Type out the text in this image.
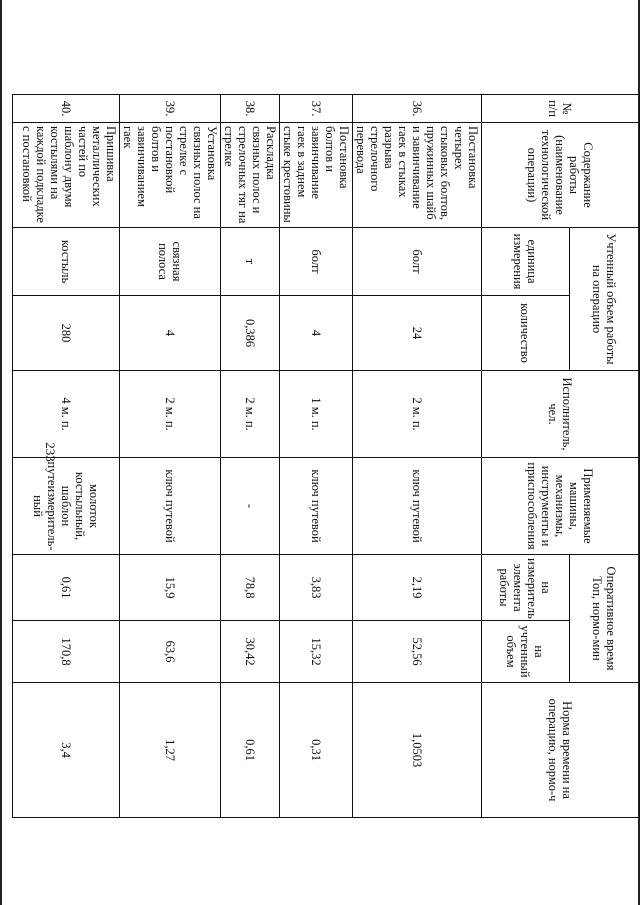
233
№ п/п	Содержание работы (наименование технологической операции)	Учтенный объем работы на операцию		Исполнитель, чел.	Применяемые машины, механизмы, инструменты и приспособления	Оперативное время Топ, нормо-мин		Норма времени на операцию, нормо-ч
		единица измерения	количество			на измеритель элемента работы	на учтенный объем	
36.	Постановка четырех стыковых болтов, пружинных шайб и завинчивание гаек в стыках разрыва стрелочного перевода	болт	24	2 м. п.	ключ путевой	2,19	52,56	1,0503
37.	Постановка болтов и завинчивание гаек в заднем стыке крестовины	болт	4	1 м. п.	ключ путевой	3,83	15,32	0,31
38.	Раскладка связных полос и стрелочных тяг на стрелке	т	0,386	2 м. п.	-	78,8	30,42	0,61
39.	Установка связных полос на стрелке с постановкой болтов и завинчиванием гаек	связная полоса	4	2 м. п.	ключ путевой	15,9	63,6	1,27
40.	Пришивка металлических частей по шаблону двумя костылями на каждой подкладке с постановкой	костыль	280	4 м. п.	молоток костыльный, шаблон путеизмеритель-ный	0,61	170,8	3,4
